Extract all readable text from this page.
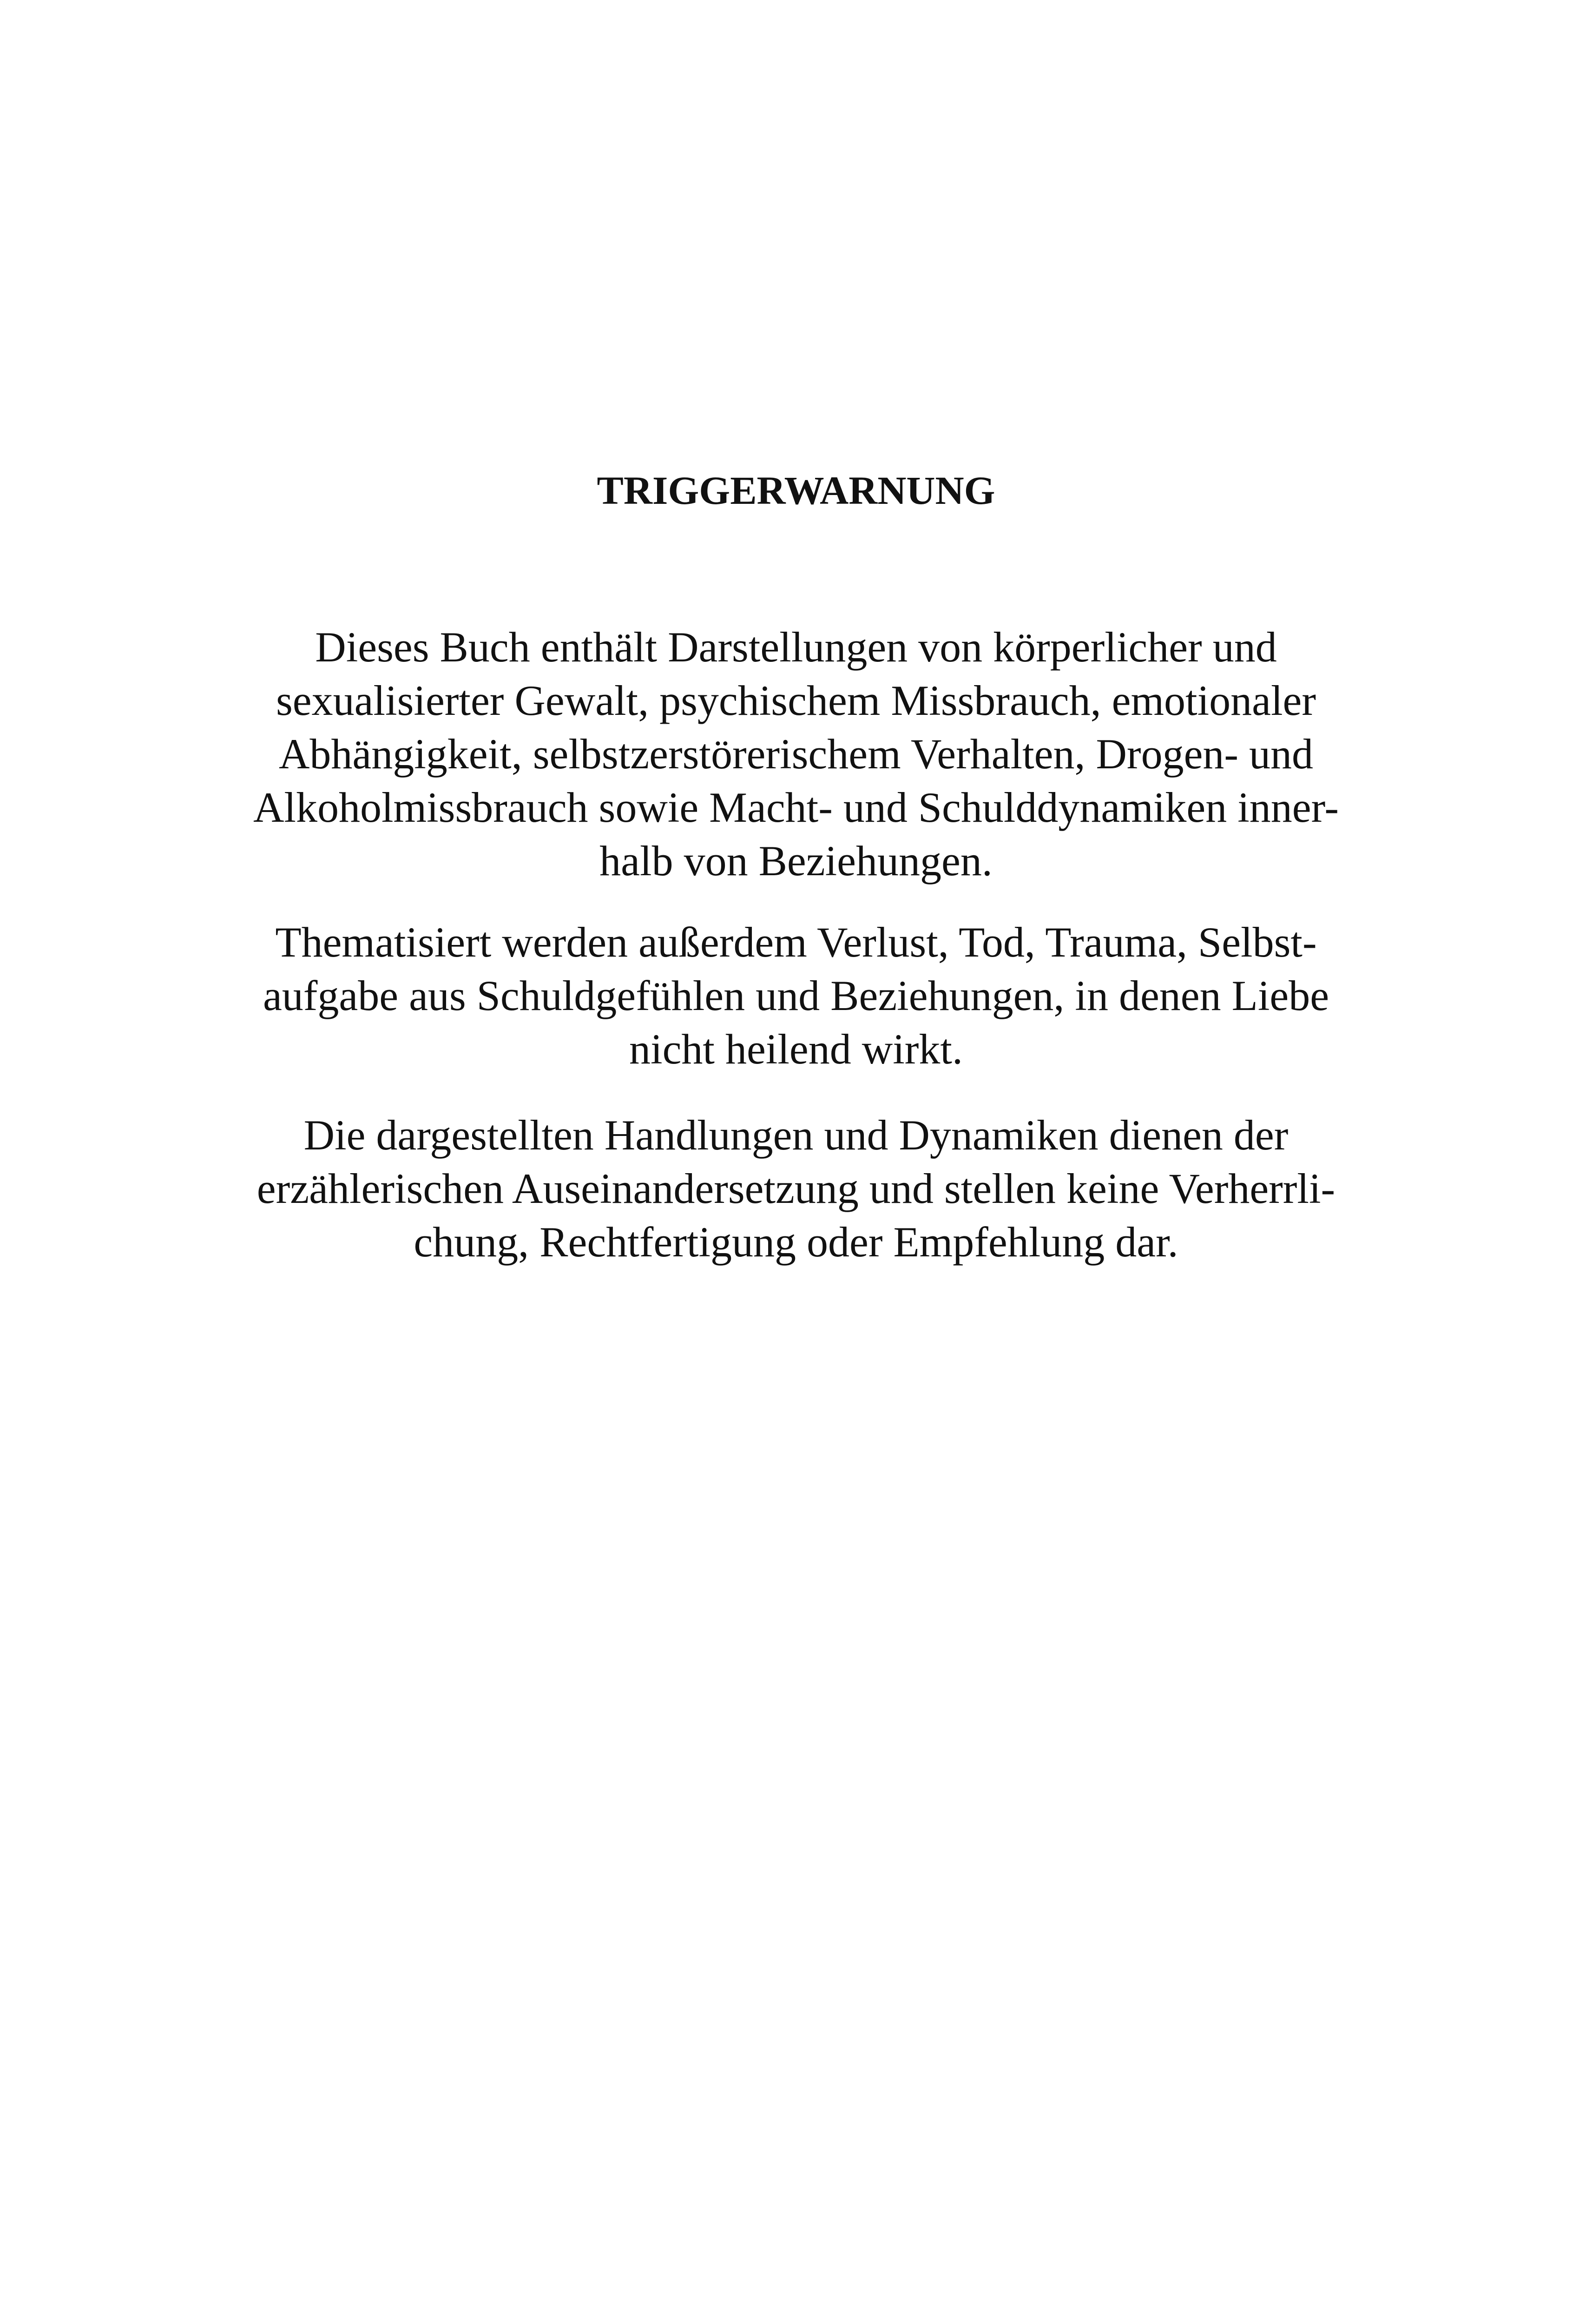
TRIGGERWARNUNG

Dieses Buch enthält Darstellungen von körperlicher und
sexualisierter Gewalt, psychischem Missbrauch, emotionaler
Abhängigkeit, selbstzerstörerischem Verhalten, Drogen- und
Alkoholmissbrauch sowie Macht- und Schulddynamiken inner-
halb von Beziehungen.

Thematisiert werden außerdem Verlust, Tod, Trauma, Selbst-
aufgabe aus Schuldgefühlen und Beziehungen, in denen Liebe
nicht heilend wirkt.

Die dargestellten Handlungen und Dynamiken dienen der
erzählerischen Auseinandersetzung und stellen keine Verherrli-
chung, Rechtfertigung oder Empfehlung dar.
